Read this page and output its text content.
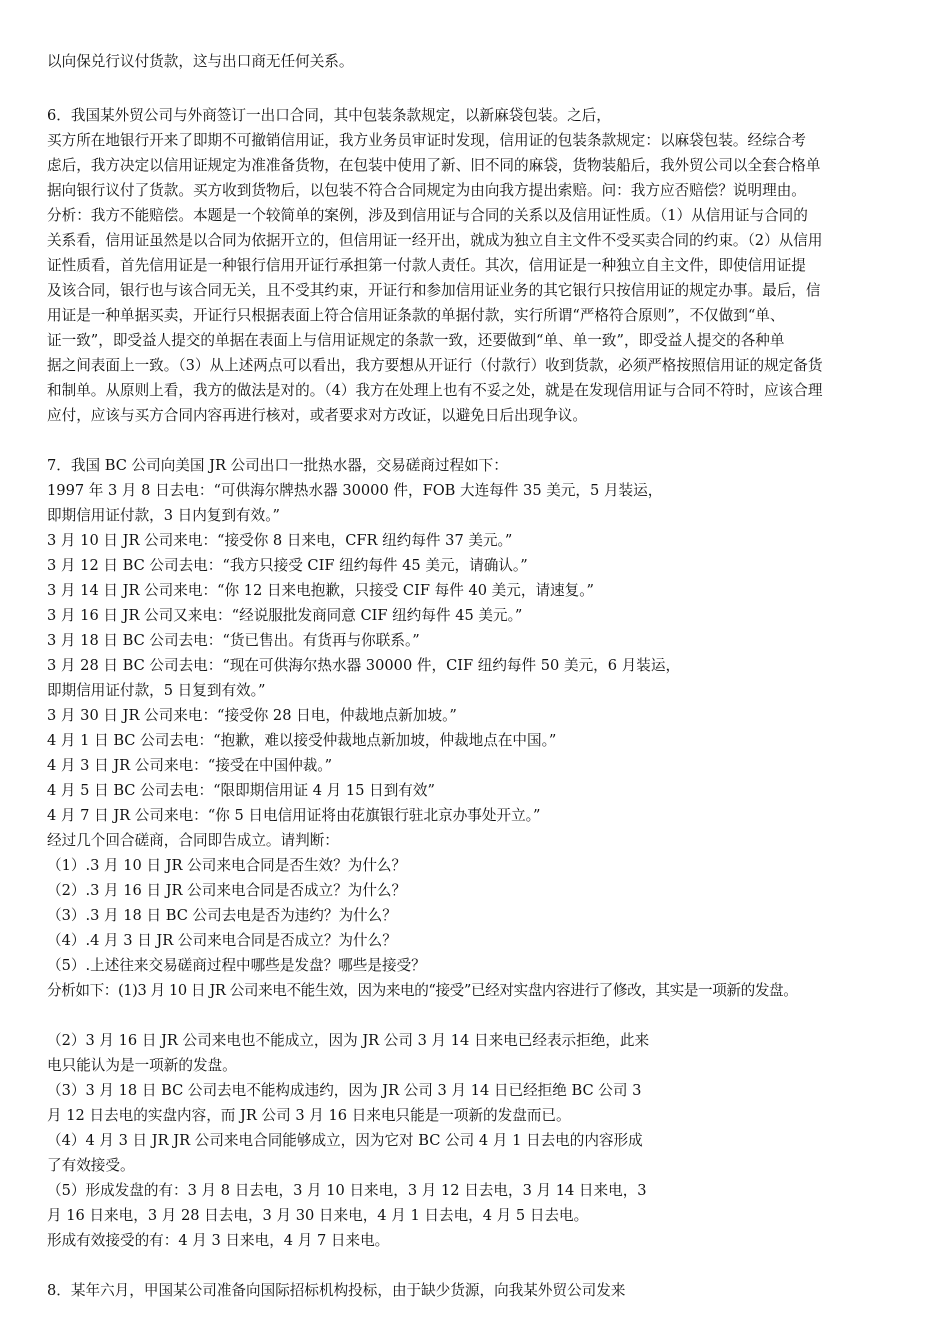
以向保兑行议付货款，这与出口商无任何关系。
6．我国某外贸公司与外商签订一出口合同，其中包装条款规定，以新麻袋包装。之后，
买方所在地银行开来了即期不可撤销信用证，我方业务员审证时发现，信用证的包装条款规定：以麻袋包装。经综合考
虑后，我方决定以信用证规定为准准备货物，在包装中使用了新、旧不同的麻袋，货物装船后，我外贸公司以全套合格单
据向银行议付了货款。买方收到货物后，以包装不符合合同规定为由向我方提出索赔。问：我方应否赔偿？说明理由。
分析：我方不能赔偿。本题是一个较简单的案例，涉及到信用证与合同的关系以及信用证性质。（1）从信用证与合同的
关系看，信用证虽然是以合同为依据开立的，但信用证一经开出，就成为独立自主文件不受买卖合同的约束。（2）从信用
证性质看，首先信用证是一种银行信用开证行承担第一付款人责任。其次，信用证是一种独立自主文件，即使信用证提
及该合同，银行也与该合同无关，且不受其约束，开证行和参加信用证业务的其它银行只按信用证的规定办事。最后，信
用证是一种单据买卖，开证行只根据表面上符合信用证条款的单据付款，实行所谓“严格符合原则”，不仅做到“单、
证一致”，即受益人提交的单据在表面上与信用证规定的条款一致，还要做到“单、单一致”，即受益人提交的各种单
据之间表面上一致。（3）从上述两点可以看出，我方要想从开证行（付款行）收到货款，必须严格按照信用证的规定备货
和制单。从原则上看，我方的做法是对的。（4）我方在处理上也有不妥之处，就是在发现信用证与合同不符时，应该合理
应付，应该与买方合同内容再进行核对，或者要求对方改证，以避免日后出现争议。
7．我国 BC 公司向美国 JR 公司出口一批热水器，交易磋商过程如下：
1997 年 3 月 8 日去电：“可供海尔牌热水器 30000 件，FOB 大连每件 35 美元，5 月装运，
即期信用证付款，3 日内复到有效。”
3 月 10 日 JR 公司来电：“接受你 8 日来电，CFR 纽约每件 37 美元。”
3 月 12 日 BC 公司去电：“我方只接受 CIF 纽约每件 45 美元，请确认。”
3 月 14 日 JR 公司来电：“你 12 日来电抱歉，只接受 CIF 每件 40 美元，请速复。”
3 月 16 日 JR 公司又来电：“经说服批发商同意 CIF 纽约每件 45 美元。”
3 月 18 日 BC 公司去电：“货已售出。有货再与你联系。”
3 月 28 日 BC 公司去电：“现在可供海尔热水器 30000 件，CIF 纽约每件 50 美元，6 月装运，
即期信用证付款，5 日复到有效。”
3 月 30 日 JR 公司来电：“接受你 28 日电，仲裁地点新加坡。”
4 月 1 日 BC 公司去电：“抱歉，难以接受仲裁地点新加坡，仲裁地点在中国。”
4 月 3 日 JR 公司来电：“接受在中国仲裁。”
4 月 5 日 BC 公司去电：“限即期信用证 4 月 15 日到有效”
4 月 7 日 JR 公司来电：“你 5 日电信用证将由花旗银行驻北京办事处开立。”
经过几个回合磋商，合同即告成立。请判断：
（1）.3 月 10 日 JR 公司来电合同是否生效？为什么？
（2）.3 月 16 日 JR 公司来电合同是否成立？为什么？
（3）.3 月 18 日 BC 公司去电是否为违约？为什么？
（4）.4 月 3 日 JR 公司来电合同是否成立？为什么？
（5）.上述往来交易磋商过程中哪些是发盘？哪些是接受？
分析如下：(1)3 月 10 日 JR 公司来电不能生效，因为来电的“接受”已经对实盘内容进行了修改，其实是一项新的发盘。
（2）3 月 16 日 JR 公司来电也不能成立，因为 JR 公司 3 月 14 日来电已经表示拒绝，此来
电只能认为是一项新的发盘。
（3）3 月 18 日 BC 公司去电不能构成违约，因为 JR 公司 3 月 14 日已经拒绝 BC 公司 3
月 12 日去电的实盘内容，而 JR 公司 3 月 16 日来电只能是一项新的发盘而已。
（4）4 月 3 日 JR JR 公司来电合同能够成立，因为它对 BC 公司 4 月 1 日去电的内容形成
了有效接受。
（5）形成发盘的有：3 月 8 日去电，3 月 10 日来电，3 月 12 日去电，3 月 14 日来电，3
月 16 日来电，3 月 28 日去电，3 月 30 日来电，4 月 1 日去电，4 月 5 日去电。
形成有效接受的有：4 月 3 日来电，4 月 7 日来电。
8．某年六月，甲国某公司准备向国际招标机构投标，由于缺少货源，向我某外贸公司发来
